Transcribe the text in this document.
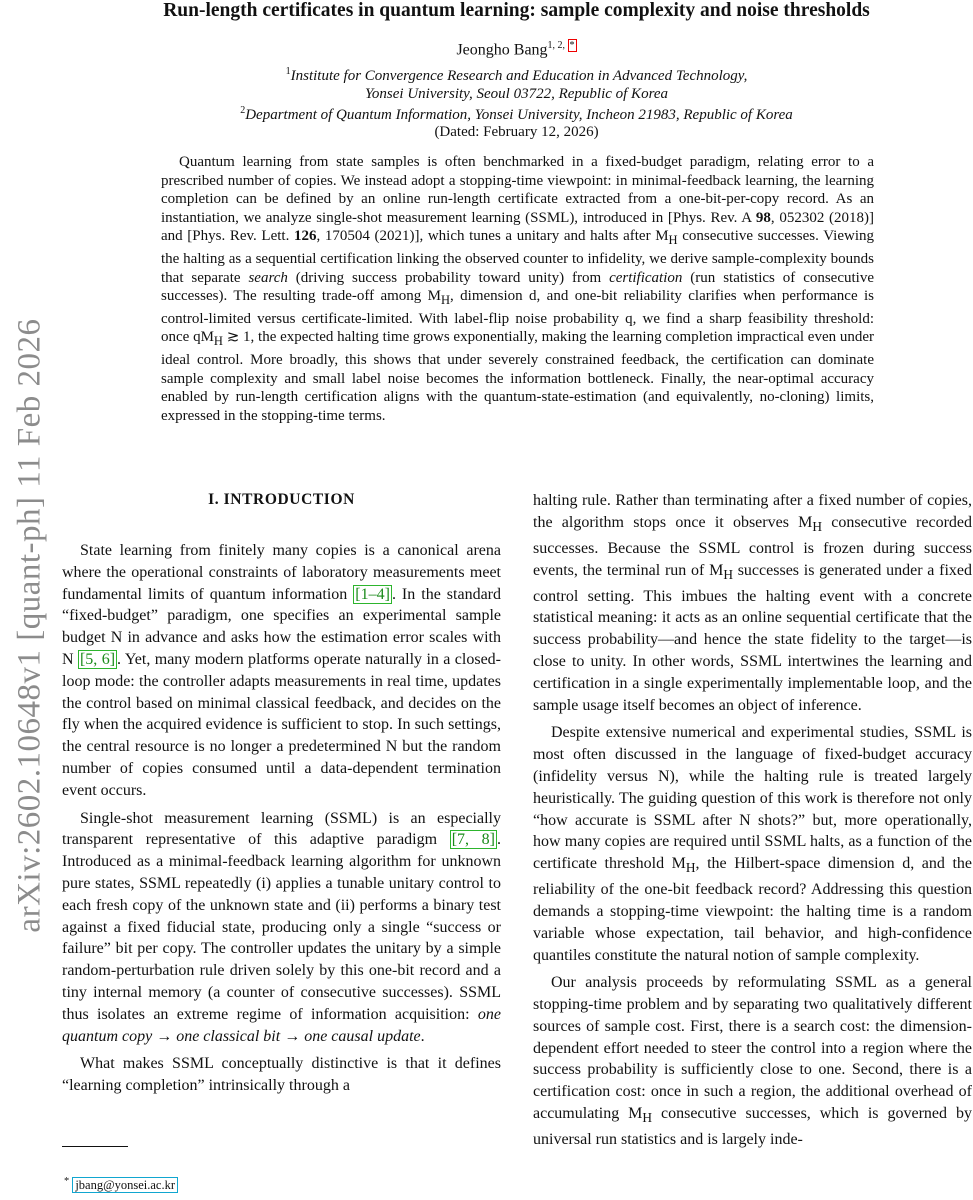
arXiv:2602.10648v1 [quant-ph] 11 Feb 2026
Run-length certificates in quantum learning: sample complexity and noise thresholds
Jeongho Bang$^{1, 2, *}$
$^1$Institute for Convergence Research and Education in Advanced Technology,
Yonsei University, Seoul 03722, Republic of Korea
$^2$Department of Quantum Information, Yonsei University, Incheon 21983, Republic of Korea
(Dated: February 12, 2026)

Quantum learning from state samples is often benchmarked in a fixed-budget paradigm, relating error to a prescribed number of copies. We instead adopt a stopping-time viewpoint: in minimal-feedback learning, the learning completion can be defined by an online run-length certificate extracted from a one-bit-per-copy record. As an instantiation, we analyze single-shot measurement learning (SSML), introduced in [Phys. Rev. A 98, 052302 (2018)] and [Phys. Rev. Lett. 126, 170504 (2021)], which tunes a unitary and halts after $M_H$ consecutive successes. Viewing the halting as a sequential certification linking the observed counter to infidelity, we derive sample-complexity bounds that separate search (driving success probability toward unity) from certification (run statistics of consecutive successes). The resulting trade-off among $M_H$, dimension d, and one-bit reliability clarifies when performance is control-limited versus certificate-limited. With label-flip noise probability q, we find a sharp feasibility threshold: once $qM_H$ ≳ 1, the expected halting time grows exponentially, making the learning completion impractical even under ideal control. More broadly, this shows that under severely constrained feedback, the certification can dominate sample complexity and small label noise becomes the information bottleneck. Finally, the near-optimal accuracy enabled by run-length certification aligns with the quantum-state-estimation (and equivalently, no-cloning) limits, expressed in the stopping-time terms.

I. INTRODUCTION

State learning from finitely many copies is a canonical arena where the operational constraints of laboratory measurements meet fundamental limits of quantum information [1–4] . In the standard “fixed-budget” paradigm, one specifies an experimental sample budget N in advance and asks how the estimation error scales with N [5, 6] . Yet, many modern platforms operate naturally in a closed-loop mode: the controller adapts measurements in real time, updates the control based on minimal classical feedback, and decides on the fly when the acquired evidence is sufficient to stop. In such settings, the central resource is no longer a predetermined N but the random number of copies consumed until a data-dependent termination event occurs.

Single-shot measurement learning (SSML) is an especially transparent representative of this adaptive paradigm [7, 8] . Introduced as a minimal-feedback learning algorithm for unknown pure states, SSML repeatedly (i) applies a tunable unitary control to each fresh copy of the unknown state and (ii) performs a binary test against a fixed fiducial state, producing only a single “success or failure” bit per copy. The controller updates the unitary by a simple random-perturbation rule driven solely by this one-bit record and a tiny internal memory (a counter of consecutive successes). SSML thus isolates an extreme regime of information acquisition: one quantum copy → one classical bit → one causal update.

What makes SSML conceptually distinctive is that it defines “learning completion” intrinsically through a

* jbang@yonsei.ac.kr

halting rule. Rather than terminating after a fixed number of copies, the algorithm stops once it observes $M_H$ consecutive recorded successes. Because the SSML control is frozen during success events, the terminal run of $M_H$ successes is generated under a fixed control setting. This imbues the halting event with a concrete statistical meaning: it acts as an online sequential certificate that the success probability—and hence the state fidelity to the target—is close to unity. In other words, SSML intertwines the learning and certification in a single experimentally implementable loop, and the sample usage itself becomes an object of inference.

Despite extensive numerical and experimental studies, SSML is most often discussed in the language of fixed-budget accuracy (infidelity versus N), while the halting rule is treated largely heuristically. The guiding question of this work is therefore not only “how accurate is SSML after N shots?” but, more operationally, how many copies are required until SSML halts, as a function of the certificate threshold $M_H$, the Hilbert-space dimension d, and the reliability of the one-bit feedback record? Addressing this question demands a stopping-time viewpoint: the halting time is a random variable whose expectation, tail behavior, and high-confidence quantiles constitute the natural notion of sample complexity.

Our analysis proceeds by reformulating SSML as a general stopping-time problem and by separating two qualitatively different sources of sample cost. First, there is a search cost: the dimension-dependent effort needed to steer the control into a region where the success probability is sufficiently close to one. Second, there is a certification cost: once in such a region, the additional overhead of accumulating $M_H$ consecutive successes, which is governed by universal run statistics and is largely inde-
